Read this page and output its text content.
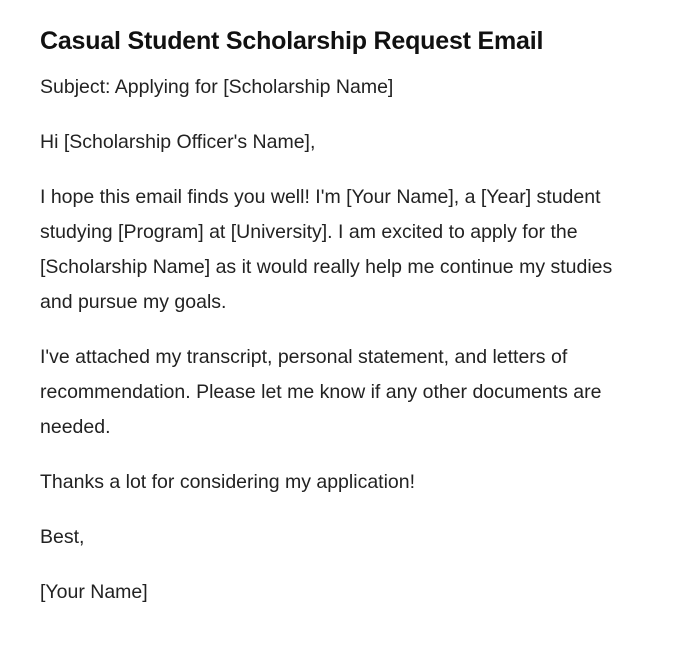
Casual Student Scholarship Request Email

Subject: Applying for [Scholarship Name]

Hi [Scholarship Officer's Name],

I hope this email finds you well! I'm [Your Name], a [Year] student studying [Program] at [University]. I am excited to apply for the [Scholarship Name] as it would really help me continue my studies and pursue my goals.

I've attached my transcript, personal statement, and letters of recommendation. Please let me know if any other documents are needed.

Thanks a lot for considering my application!

Best,

[Your Name]
